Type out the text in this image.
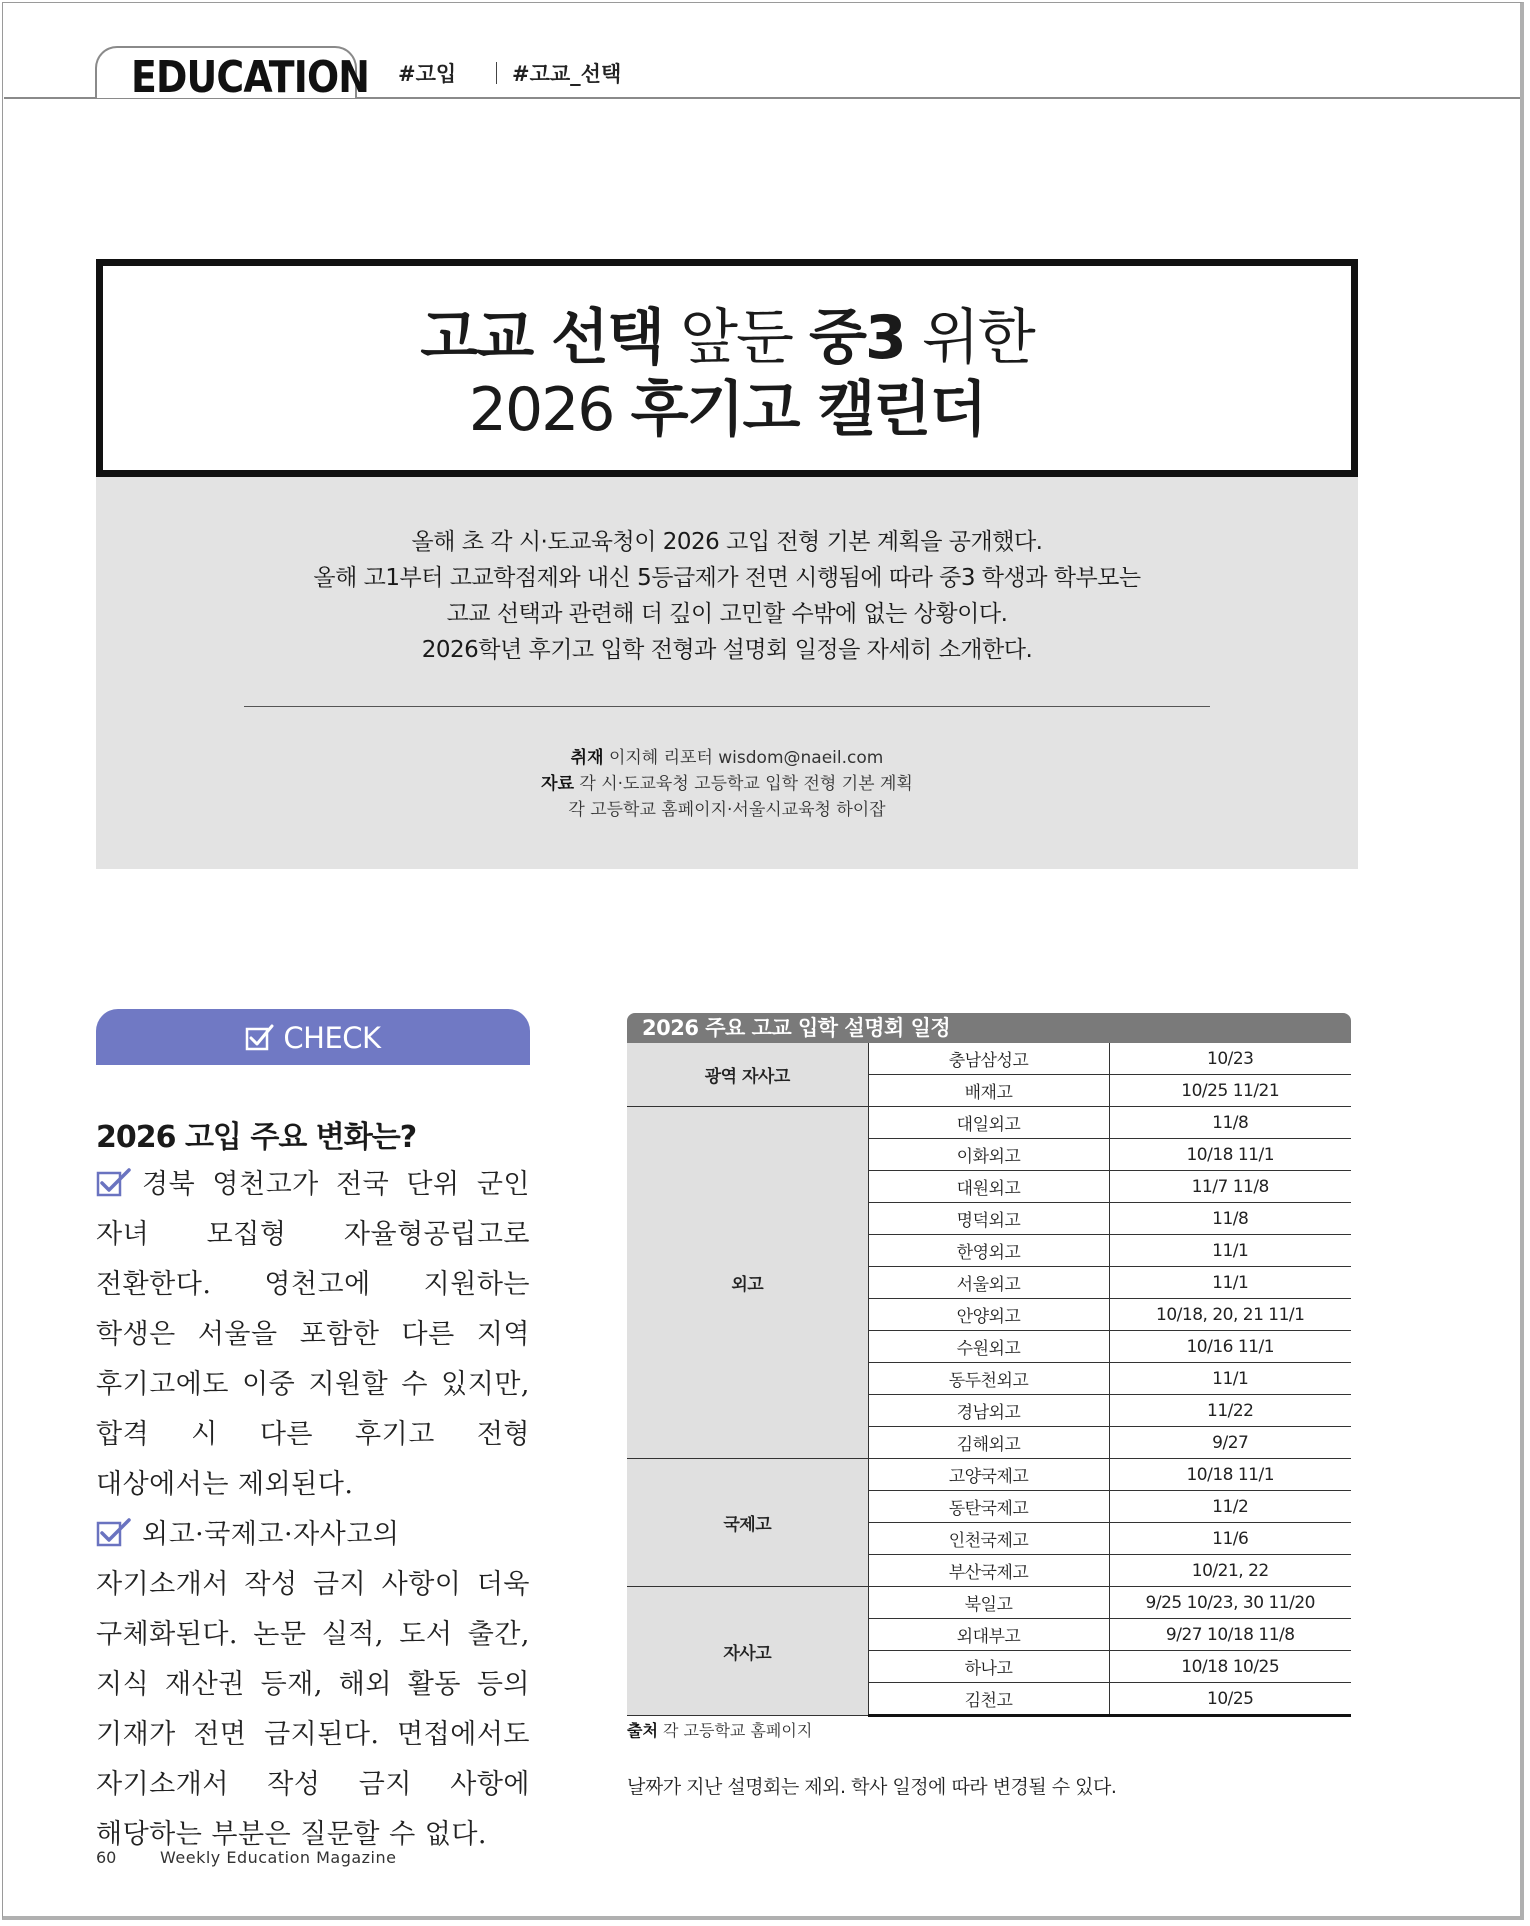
EDUCATION #고입	#고교_선택
고교 선택 앞둔 중3 위한
2026 후기고 캘린더
올해 초 각 시·도교육청이 2026 고입 전형 기본 계획을 공개했다.
올해 고1부터 고교학점제와 내신 5등급제가 전면 시행됨에 따라 중3 학생과 학부모는
고교 선택과 관련해 더 깊이 고민할 수밖에 없는 상황이다.
2026학년 후기고 입학 전형과 설명회 일정을 자세히 소개한다.
취재 이지혜 리포터 wisdom@naeil.com
자료 각 시·도교육청 고등학교 입학 전형 기본 계획
각 고등학교 홈페이지·서울시교육청 하이잡
CHECK
2026 고입 주요 변화는?

경북 영천고가 전국 단위 군인 자녀 모집형 자율형공립고로 전환한다. 영천고에 지원하는 학생은 서울을 포함한 다른 지역 후기고에도 이중 지원할 수 있지만, 합격 시 다른 후기고 전형 대상에서는 제외된다.

외고·국제고·자사고의 자기소개서 작성 금지 사항이 더욱 구체화된다. 논문 실적, 도서 출간, 지식 재산권 등재, 해외 활동 등의 기재가 전면 금지된다. 면접에서도 자기소개서 작성 금지 사항에 해당하는 부분은 질문할 수 없다.

2026 주요 고교 입학 설명회 일정
광역 자사고	충남삼성고	10/23
	배재고	10/25 11/21
외고	대일외고	11/8
	이화외고	10/18 11/1
	대원외고	11/7 11/8
	명덕외고	11/8
	한영외고	11/1
	서울외고	11/1
	안양외고	10/18, 20, 21 11/1
	수원외고	10/16 11/1
	동두천외고	11/1
	경남외고	11/22
	김해외고	9/27
국제고	고양국제고	10/18 11/1
	동탄국제고	11/2
	인천국제고	11/6
	부산국제고	10/21, 22
자사고	북일고	9/25 10/23, 30 11/20
	외대부고	9/27 10/18 11/8
	하나고	10/18 10/25
	김천고	10/25
출처 각 고등학교 홈페이지
날짜가 지난 설명회는 제외. 학사 일정에 따라 변경될 수 있다.
60	Weekly Education Magazine
